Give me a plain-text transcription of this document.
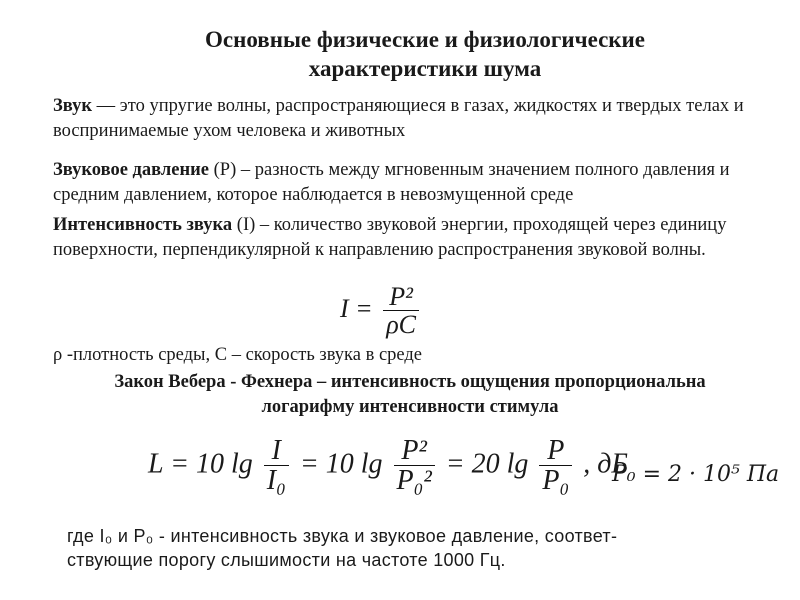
Основные физические и физиологические
характеристики шума
Звук — это упругие волны, распространяющиеся в газах, жидкостях и твердых телах и воспринимаемые ухом человека и животных
Звуковое давление (Р) – разность между мгновенным значением полного давления и средним давлением, которое наблюдается в невозмущенной среде
Интенсивность звука (I) – количество звуковой энергии, проходящей через единицу поверхности, перпендикулярной к направлению распространения звуковой волны.
$I = \frac{\text{P²}}{\rho C}$
ρ -плотность среды, С – скорость звука в среде
Закон Вебера - Фехнера – интенсивность ощущения пропорциональна
логарифму интенсивности стимула
L = 10 $\lg \frac{I}{\text{I₀}} = 10$ $\lg \frac{\text{P²}}{\text{P₀²}} = 20$ $\lg \frac{P}{\text{P₀}}$ , дБ
P₀ = 2 · 10⁵ Па
где I₀ и P₀ - интенсивность звука и звуковое давление, соответ-
ствующие порогу слышимости на частоте 1000 Гц.
